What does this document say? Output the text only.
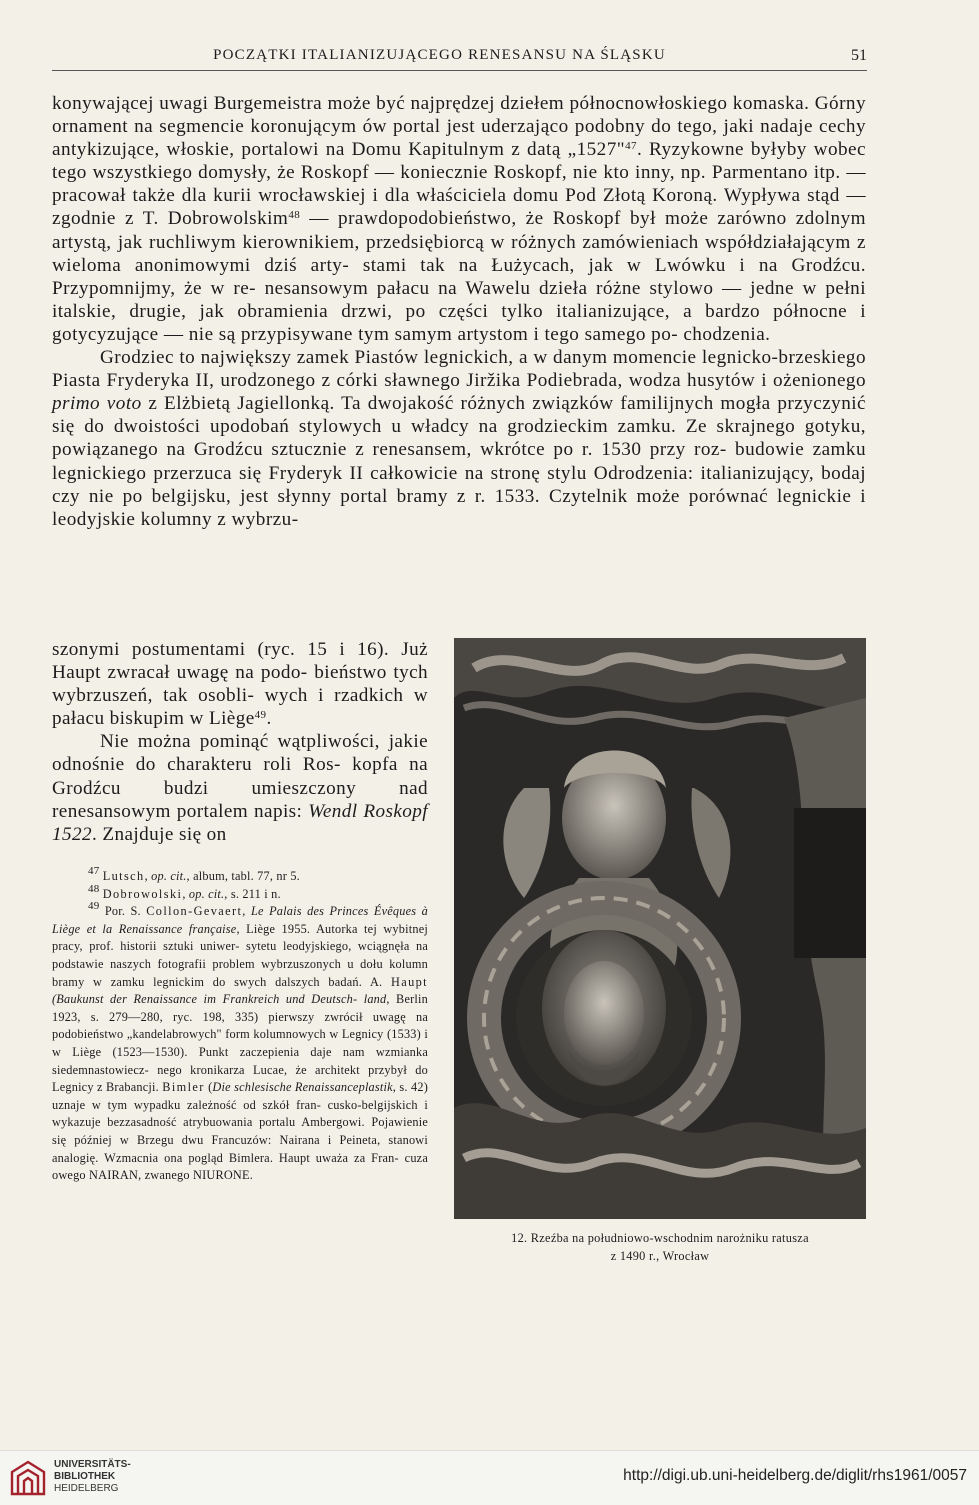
POCZĄTKI ITALIANIZUJĄCEGO RENESANSU NA ŚLĄSKU	51

konywającej uwagi Burgemeistra może być najprędzej dziełem północnowłoskiego komaska. Górny ornament na segmencie koronującym ów portal jest uderzająco podobny do tego, jaki nadaje cechy antykizujące, włoskie, portalowi na Domu Kapitulnym z datą „1527"$^{47}$. Ryzykowne byłyby wobec tego wszystkiego domysły, że Roskopf — koniecznie Roskopf, nie kto inny, np. Parmentano itp. — pracował także dla kurii wrocławskiej i dla właściciela domu Pod Złotą Koroną. Wypływa stąd — zgodnie z T. Dobrowolskim$^{48}$ — prawdopodobieństwo, że Roskopf był może zarówno zdolnym artystą, jak ruchliwym kierownikiem, przedsiębiorcą w różnych zamówieniach współdziałającym z wieloma anonimowymi dziś arty- stami tak na Łużycach, jak w Lwówku i na Grodźcu. Przypomnijmy, że w re- nesansowym pałacu na Wawelu dzieła różne stylowo — jedne w pełni italskie, drugie, jak obramienia drzwi, po części tylko italianizujące, a bardzo północne i gotycyzujące — nie są przypisywane tym samym artystom i tego samego po- chodzenia.

Grodziec to największy zamek Piastów legnickich, a w danym momencie legnicko-brzeskiego Piasta Fryderyka II, urodzonego z córki sławnego Jiržika Podiebrada, wodza husytów i ożenionego primo voto z Elżbietą Jagiellonką. Ta dwojakość różnych związków familijnych mogła przyczynić się do dwoistości upodobań stylowych u władcy na grodzieckim zamku. Ze skrajnego gotyku, powiązanego na Grodźcu sztucznie z renesansem, wkrótce po r. 1530 przy roz- budowie zamku legnickiego przerzuca się Fryderyk II całkowicie na stronę stylu Odrodzenia: italianizujący, bodaj czy nie po belgijsku, jest słynny portal bramy z r. 1533. Czytelnik może porównać legnickie i leodyjskie kolumny z wybrzu-

szonymi postumentami (ryc. 15 i 16). Już Haupt zwracał uwagę na podo- bieństwo tych wybrzuszeń, tak osobli- wych i rzadkich w pałacu biskupim w Liège$^{49}$.

Nie można pominąć wątpliwości, jakie odnośnie do charakteru roli Ros- kopfa na Grodźcu budzi umieszczony nad renesansowym portalem napis: Wendl Roskopf 1522. Znajduje się on

$^{47}$ Lutsch, op. cit., album, tabl. 77, nr 5.

$^{48}$ Dobrowolski, op. cit., s. 211 i n.

$^{49}$ Por. S. Collon-Gevaert, Le Palais des Princes Évêques à Liège et la Renaissance française, Liège 1955. Autorka tej wybitnej pracy, prof. historii sztuki uniwer- sytetu leodyjskiego, wciągnęła na podstawie naszych fotografii problem wybrzuszonych u dołu kolumn bramy w zamku legnickim do swych dalszych badań. A. Haupt (Baukunst der Renaissance im Frankreich und Deutsch- land, Berlin 1923, s. 279—280, ryc. 198, 335) pierwszy zwrócił uwagę na podobieństwo „kandelabrowych" form kolumnowych w Legnicy (1533) i w Liège (1523—1530). Punkt zaczepienia daje nam wzmianka siedemnastowiecz- nego kronikarza Lucae, że architekt przybył do Legnicy z Brabancji. Bimler (Die schlesische Renaissanceplastik, s. 42) uznaje w tym wypadku zależność od szkół fran- cusko-belgijskich i wykazuje bezzasadność atrybuowania portalu Ambergowi. Pojawienie się później w Brzegu dwu Francuzów: Nairana i Peineta, stanowi analogię. Wzmacnia ona pogląd Bimlera. Haupt uważa za Fran- cuza owego NAIRAN, zwanego NIURONE.

12. Rzeźba na południowo-wschodnim narożniku ratusza
z 1490 r., Wrocław
UNIVERSITÄTS-
BIBLIOTHEK
HEIDELBERG
http://digi.ub.uni-heidelberg.de/diglit/rhs1961/0057
